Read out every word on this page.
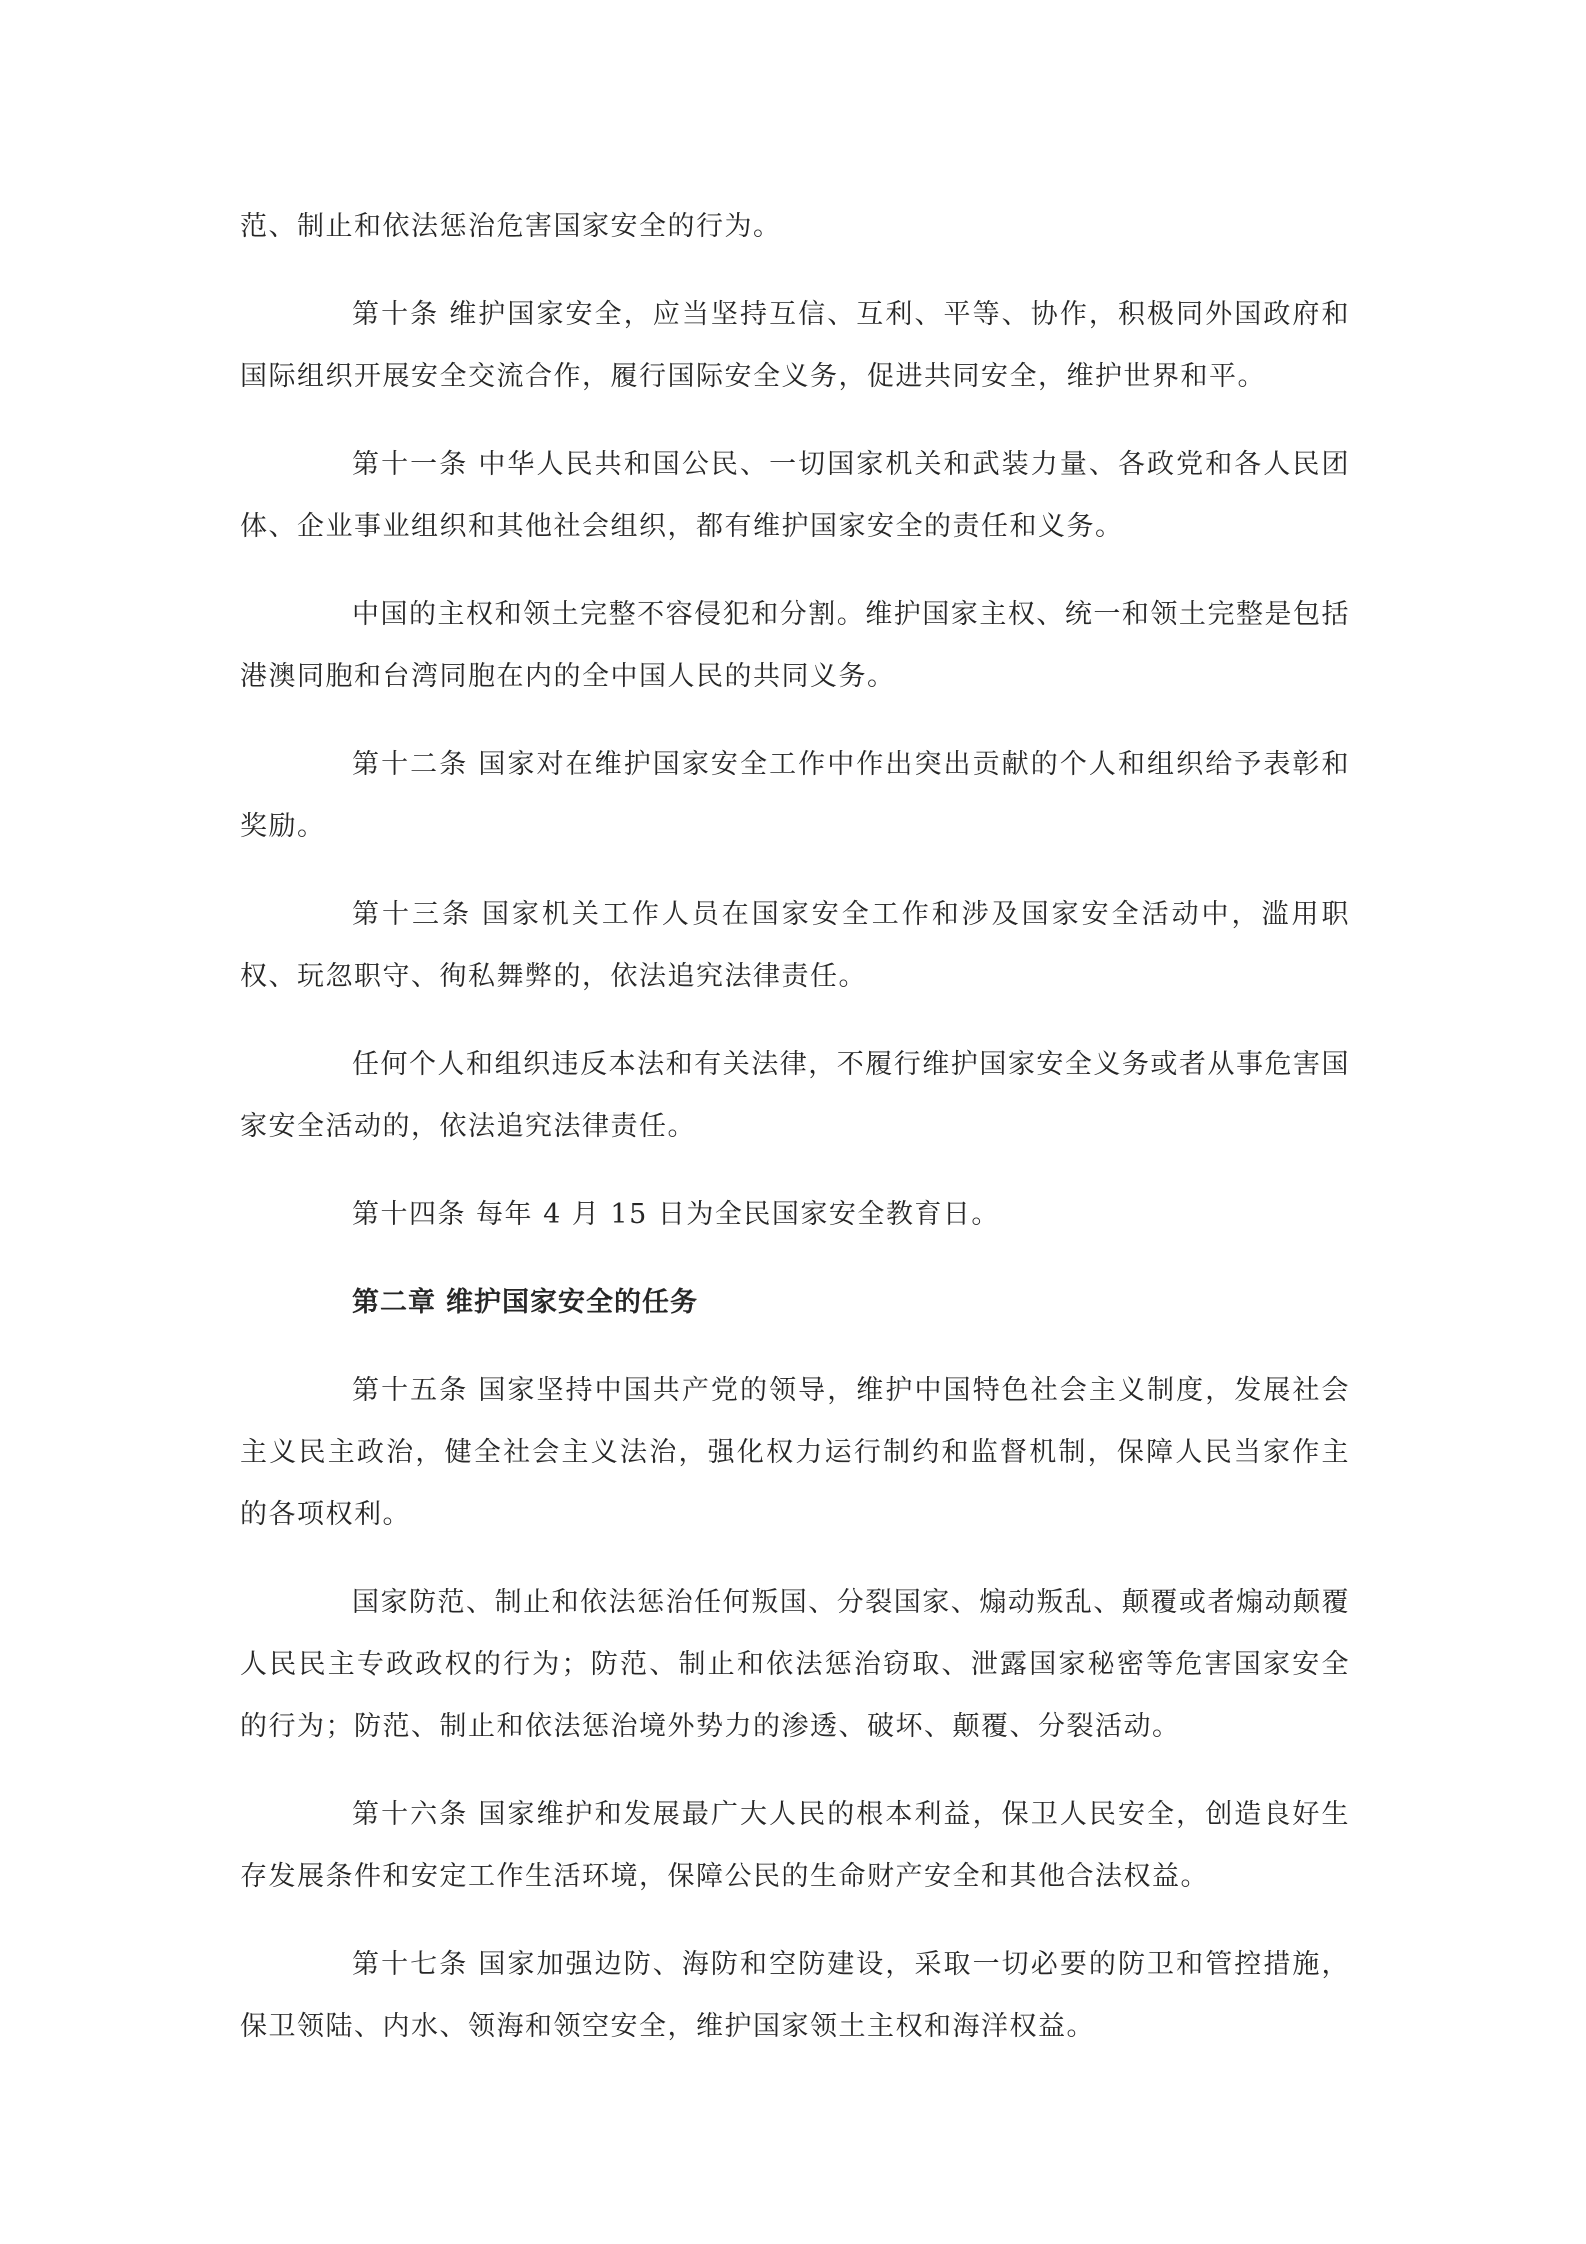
范、制止和依法惩治危害国家安全的行为。

第十条 维护国家安全，应当坚持互信、互利、平等、协作，积极同外国政府和国际组织开展安全交流合作，履行国际安全义务，促进共同安全，维护世界和平。

第十一条 中华人民共和国公民、一切国家机关和武装力量、各政党和各人民团体、企业事业组织和其他社会组织，都有维护国家安全的责任和义务。

中国的主权和领土完整不容侵犯和分割。维护国家主权、统一和领土完整是包括港澳同胞和台湾同胞在内的全中国人民的共同义务。

第十二条 国家对在维护国家安全工作中作出突出贡献的个人和组织给予表彰和奖励。

第十三条 国家机关工作人员在国家安全工作和涉及国家安全活动中，滥用职权、玩忽职守、徇私舞弊的，依法追究法律责任。

任何个人和组织违反本法和有关法律，不履行维护国家安全义务或者从事危害国家安全活动的，依法追究法律责任。

第十四条 每年 4 月 15 日为全民国家安全教育日。

第二章 维护国家安全的任务

第十五条 国家坚持中国共产党的领导，维护中国特色社会主义制度，发展社会主义民主政治，健全社会主义法治，强化权力运行制约和监督机制，保障人民当家作主的各项权利。

国家防范、制止和依法惩治任何叛国、分裂国家、煽动叛乱、颠覆或者煽动颠覆人民民主专政政权的行为；防范、制止和依法惩治窃取、泄露国家秘密等危害国家安全的行为；防范、制止和依法惩治境外势力的渗透、破坏、颠覆、分裂活动。

第十六条 国家维护和发展最广大人民的根本利益，保卫人民安全，创造良好生存发展条件和安定工作生活环境，保障公民的生命财产安全和其他合法权益。

第十七条 国家加强边防、海防和空防建设，采取一切必要的防卫和管控措施，保卫领陆、内水、领海和领空安全，维护国家领土主权和海洋权益。
